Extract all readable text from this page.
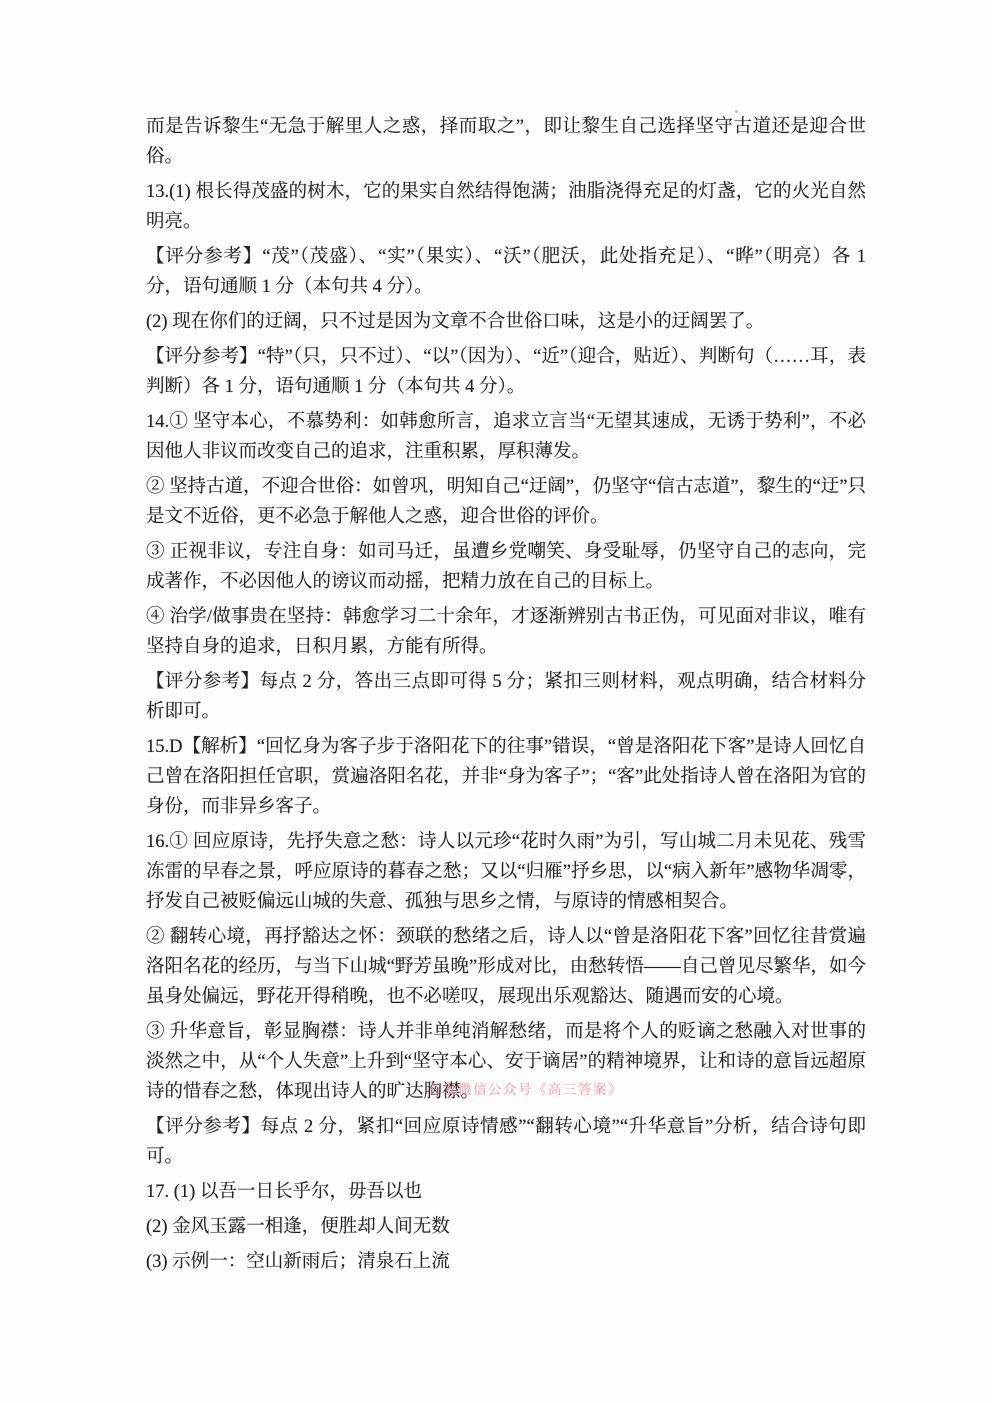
而是告诉黎生“无急于解里人之惑，择而取之”，即让黎生自己选择坚守古道还是迎合世俗。

13.(1) 根长得茂盛的树木，它的果实自然结得饱满；油脂浇得充足的灯盏，它的火光自然明亮。

【评分参考】“茂”（茂盛）、“实”（果实）、“沃”（肥沃，此处指充足）、“晔”（明亮）各 1 分，语句通顺 1 分（本句共 4 分）。

(2) 现在你们的迂阔，只不过是因为文章不合世俗口味，这是小的迂阔罢了。

【评分参考】“特”（只，只不过）、“以”（因为）、“近”（迎合，贴近）、判断句（……耳，表判断）各 1 分，语句通顺 1 分（本句共 4 分）。

14.① 坚守本心，不慕势利：如韩愈所言，追求立言当“无望其速成，无诱于势利”，不必因他人非议而改变自己的追求，注重积累，厚积薄发。

② 坚持古道，不迎合世俗：如曾巩，明知自己“迂阔”，仍坚守“信古志道”，黎生的“迂”只是文不近俗，更不必急于解他人之惑，迎合世俗的评价。

③ 正视非议，专注自身：如司马迁，虽遭乡党嘲笑、身受耻辱，仍坚守自己的志向，完成著作，不必因他人的谤议而动摇，把精力放在自己的目标上。

④ 治学/做事贵在坚持：韩愈学习二十余年，才逐渐辨别古书正伪，可见面对非议，唯有坚持自身的追求，日积月累，方能有所得。

【评分参考】每点 2 分，答出三点即可得 5 分；紧扣三则材料，观点明确，结合材料分析即可。

15.D【解析】“回忆身为客子步于洛阳花下的往事”错误，“曾是洛阳花下客”是诗人回忆自己曾在洛阳担任官职，赏遍洛阳名花，并非“身为客子”；“客”此处指诗人曾在洛阳为官的身份，而非异乡客子。

16.① 回应原诗，先抒失意之愁：诗人以元珍“花时久雨”为引，写山城二月未见花、残雪冻雷的早春之景，呼应原诗的暮春之愁；又以“归雁”抒乡思，以“病入新年”感物华凋零，抒发自己被贬偏远山城的失意、孤独与思乡之情，与原诗的情感相契合。

② 翻转心境，再抒豁达之怀：颈联的愁绪之后，诗人以“曾是洛阳花下客”回忆往昔赏遍洛阳名花的经历，与当下山城“野芳虽晚”形成对比，由愁转悟——自己曾见尽繁华，如今虽身处偏远，野花开得稍晚，也不必嗟叹，展现出乐观豁达、随遇而安的心境。

③ 升华意旨，彰显胸襟：诗人并非单纯消解愁绪，而是将个人的贬谪之愁融入对世事的淡然之中，从“个人失意”上升到“坚守本心、安于谪居”的精神境界，让和诗的意旨远超原诗的惜春之愁，体现出诗人的旷达胸襟。

【评分参考】每点 2 分，紧扣“回应原诗情感”“翻转心境”“升华意旨”分析，结合诗句即可。

17. (1) 以吾一日长乎尔，毋吾以也

(2) 金风玉露一相逢，便胜却人间无数

(3) 示例一：空山新雨后；清泉石上流

首发微信公众号《高三答案》
